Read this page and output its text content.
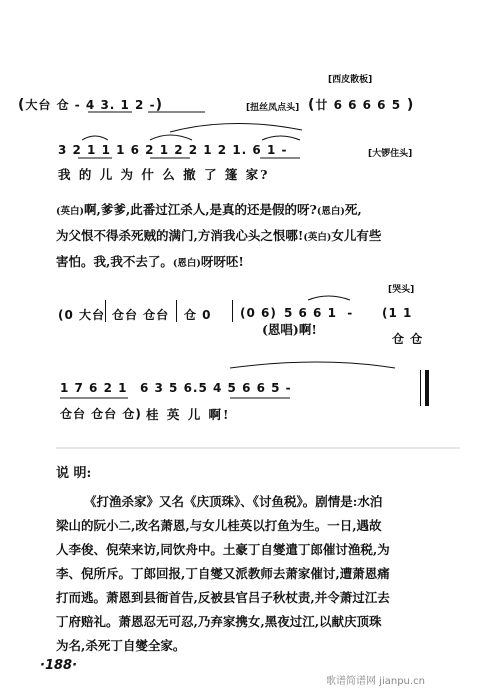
[西皮散板]
(大台 仓 - 4 3. 1 2 -)	[扭丝凤点头] (廿 6 6 6 6 5 )
3 2 1 1 1 6 2 1 2 2 1 2 1. 6 1 -	[大锣住头]
我 的 儿 为 什 么 撤 了 篷 家?
(英白)啊,爹爹,此番过江杀人,是真的还是假的呀?(恩白)死,
为父恨不得杀死贼的满门,方消我心头之恨哪!(英白)女儿有些
害怕。我,我不去了。(恩白)呀呀呸!
[哭头]
(0 大台 仓台 仓台 仓 0 (0 6) 5 6 6 1  -
(恩唱)啊!
(1 1
仓 仓
1 7 6 2 1 6 3 5 6.5 4 5 6 6 5 -
仓台 仓台 仓) 桂 英 儿 啊!
说 明:
《打渔杀家》又名《庆顶珠》、《讨鱼税》。剧情是:水泊
梁山的阮小二,改名萧恩,与女儿桂英以打鱼为生。一日,遇故
人李俊、倪荣来访,同饮舟中。土豪丁自燮遣丁郎催讨渔税,为
李、倪所斥。丁郎回报,丁自燮又派教师去萧家催讨,遭萧恩痛
打而逃。萧恩到县衙首告,反被县官吕子秋杖责,并令萧过江去
丁府赔礼。萧恩忍无可忍,乃弃家携女,黑夜过江,以献庆顶珠
为名,杀死丁自燮全家。
·188·
歌谱简谱网 jianpu.cn
